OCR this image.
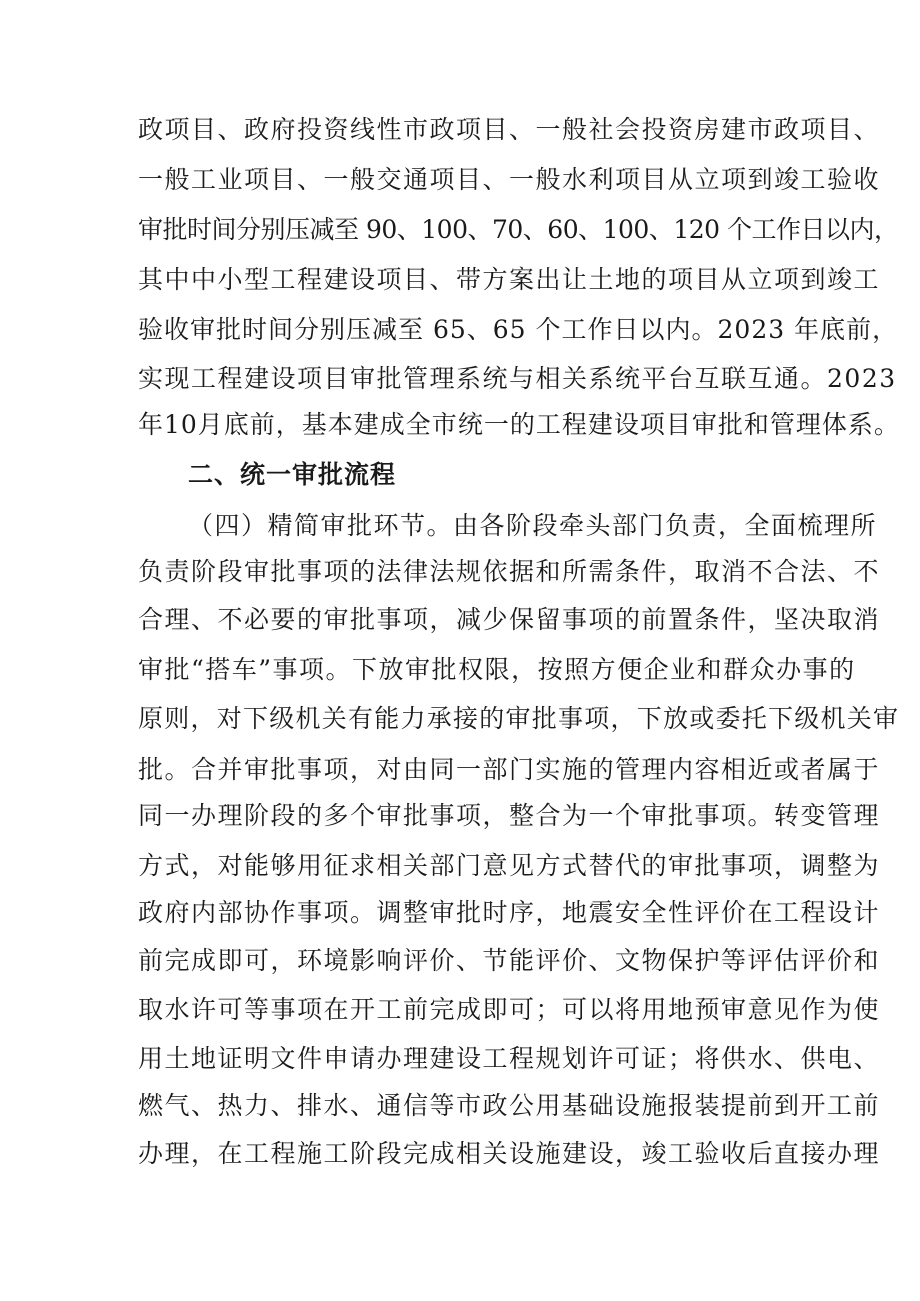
政项目、政府投资线性市政项目、一般社会投资房建市政项目、
一般工业项目、一般交通项目、一般水利项目从立项到竣工验收
审批时间分别压减至 90、100、70、60、100、120 个工作日以内，
其中中小型工程建设项目、带方案出让土地的项目从立项到竣工
验收审批时间分别压减至 65、65 个工作日以内。2023 年底前，
实现工程建设项目审批管理系统与相关系统平台互联互通。2023
年10月底前，基本建成全市统一的工程建设项目审批和管理体系。
二、统一审批流程
（四）精简审批环节。由各阶段牵头部门负责，全面梳理所
负责阶段审批事项的法律法规依据和所需条件，取消不合法、不
合理、不必要的审批事项，减少保留事项的前置条件，坚决取消
审批“搭车”事项。下放审批权限，按照方便企业和群众办事的
原则，对下级机关有能力承接的审批事项，下放或委托下级机关审
批。合并审批事项，对由同一部门实施的管理内容相近或者属于
同一办理阶段的多个审批事项，整合为一个审批事项。转变管理
方式，对能够用征求相关部门意见方式替代的审批事项，调整为
政府内部协作事项。调整审批时序，地震安全性评价在工程设计
前完成即可，环境影响评价、节能评价、文物保护等评估评价和
取水许可等事项在开工前完成即可；可以将用地预审意见作为使
用土地证明文件申请办理建设工程规划许可证；将供水、供电、
燃气、热力、排水、通信等市政公用基础设施报装提前到开工前
办理，在工程施工阶段完成相关设施建设，竣工验收后直接办理
